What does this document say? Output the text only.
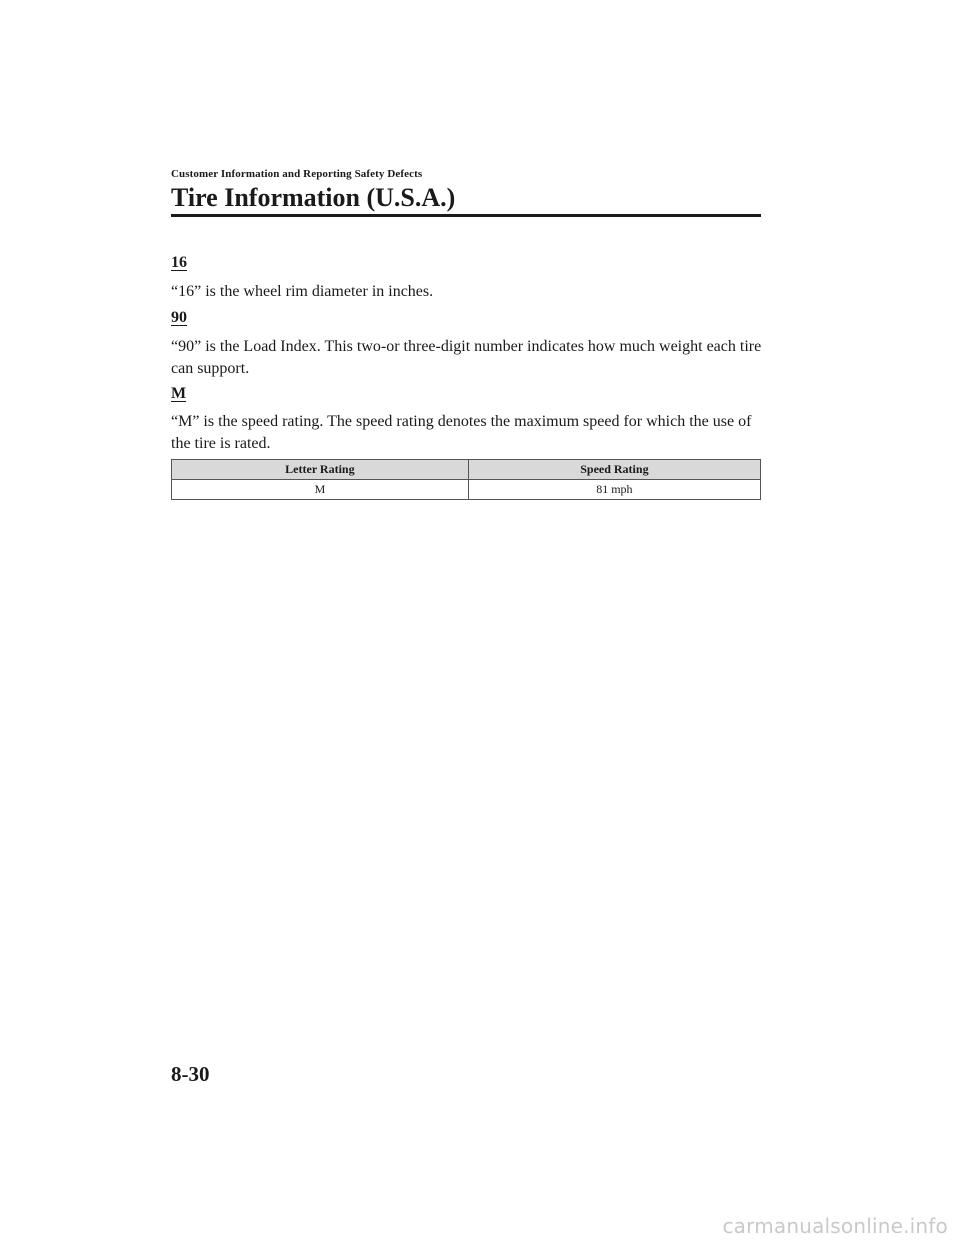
Customer Information and Reporting Safety Defects
Tire Information (U.S.A.)
16

“16” is the wheel rim diameter in inches.

90

“90” is the Load Index. This two-or three-digit number indicates how much weight each tire can support.

M

“M” is the speed rating. The speed rating denotes the maximum speed for which the use of the tire is rated.

Letter Rating	Speed Rating
M	81 mph
8-30
carmanualsonline.info
